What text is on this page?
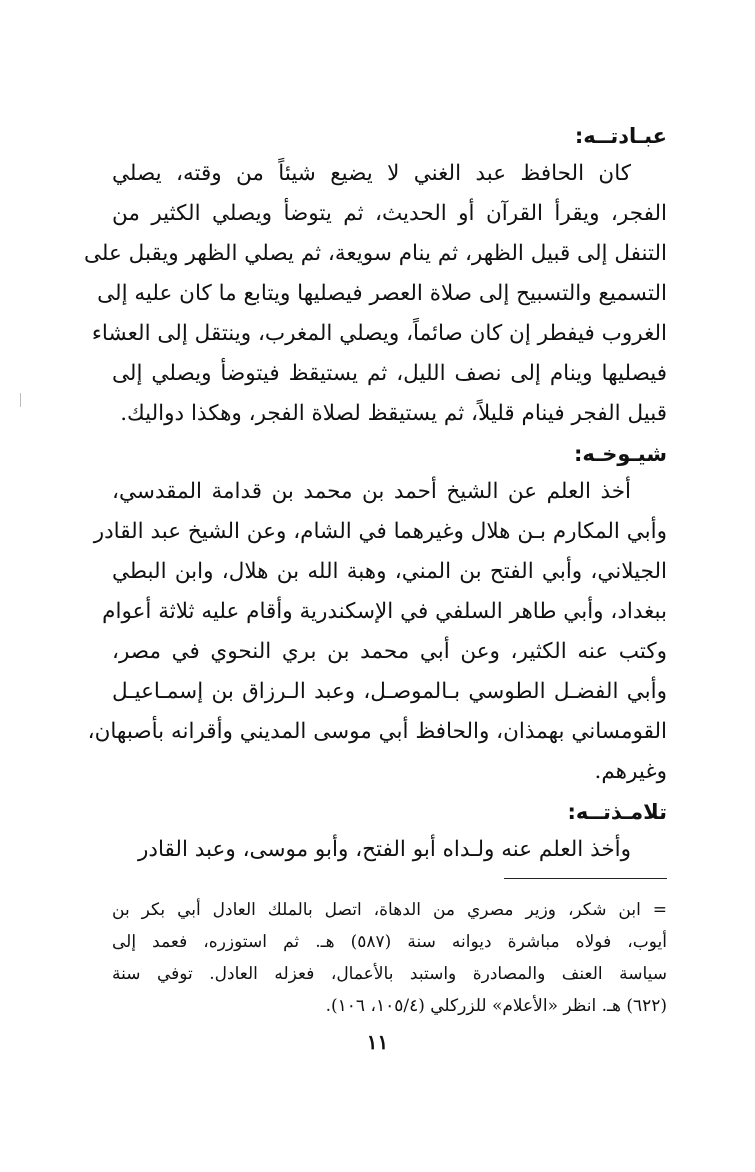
عبـادتــه:

كان الحافظ عبد الغني لا يضيع شيئاً من وقته، يصلي
الفجر، ويقرأ القرآن أو الحديث، ثم يتوضأ ويصلي الكثير من
التنفل إلى قبيل الظهر، ثم ينام سويعة، ثم يصلي الظهر ويقبل على
التسميع والتسبيح إلى صلاة العصر فيصليها ويتابع ما كان عليه إلى
الغروب فيفطر إن كان صائماً، ويصلي المغرب، وينتقل إلى العشاء
فيصليها وينام إلى نصف الليل، ثم يستيقظ فيتوضأ ويصلي إلى
قبيل الفجر فينام قليلاً، ثم يستيقظ لصلاة الفجر، وهكذا دواليك.

شيـوخـه:

أخذ العلم عن الشيخ أحمد بن محمد بن قدامة المقدسي،
وأبي المكارم بـن هلال وغيرهما في الشام، وعن الشيخ عبد القادر
الجيلاني، وأبي الفتح بن المني، وهبة الله بن هلال، وابن البطي
ببغداد، وأبي طاهر السلفي في الإسكندرية وأقام عليه ثلاثة أعوام
وكتب عنه الكثير، وعن أبي محمد بن بري النحوي في مصر،
وأبي الفضـل الطوسي بـالموصـل، وعبد الـرزاق بن إسمـاعيـل
القومساني بهمذان، والحافظ أبي موسى المديني وأقرانه بأصبهان،
وغيرهم.

تلامـذتــه:

وأخذ العلم عنه ولـداه أبو الفتح، وأبو موسى، وعبد القادر

= ابن شكر، وزير مصري من الدهاة، اتصل بالملك العادل أبي بكر بن
أيوب، فولاه مباشرة ديوانه سنة (٥٨٧) هـ. ثم استوزره، فعمد إلى
سياسة العنف والمصادرة واستبد بالأعمال، فعزله العادل. توفي سنة
(٦٢٢) هـ. انظر «الأعلام» للزركلي (١٠٥/٤، ١٠٦).
١١
